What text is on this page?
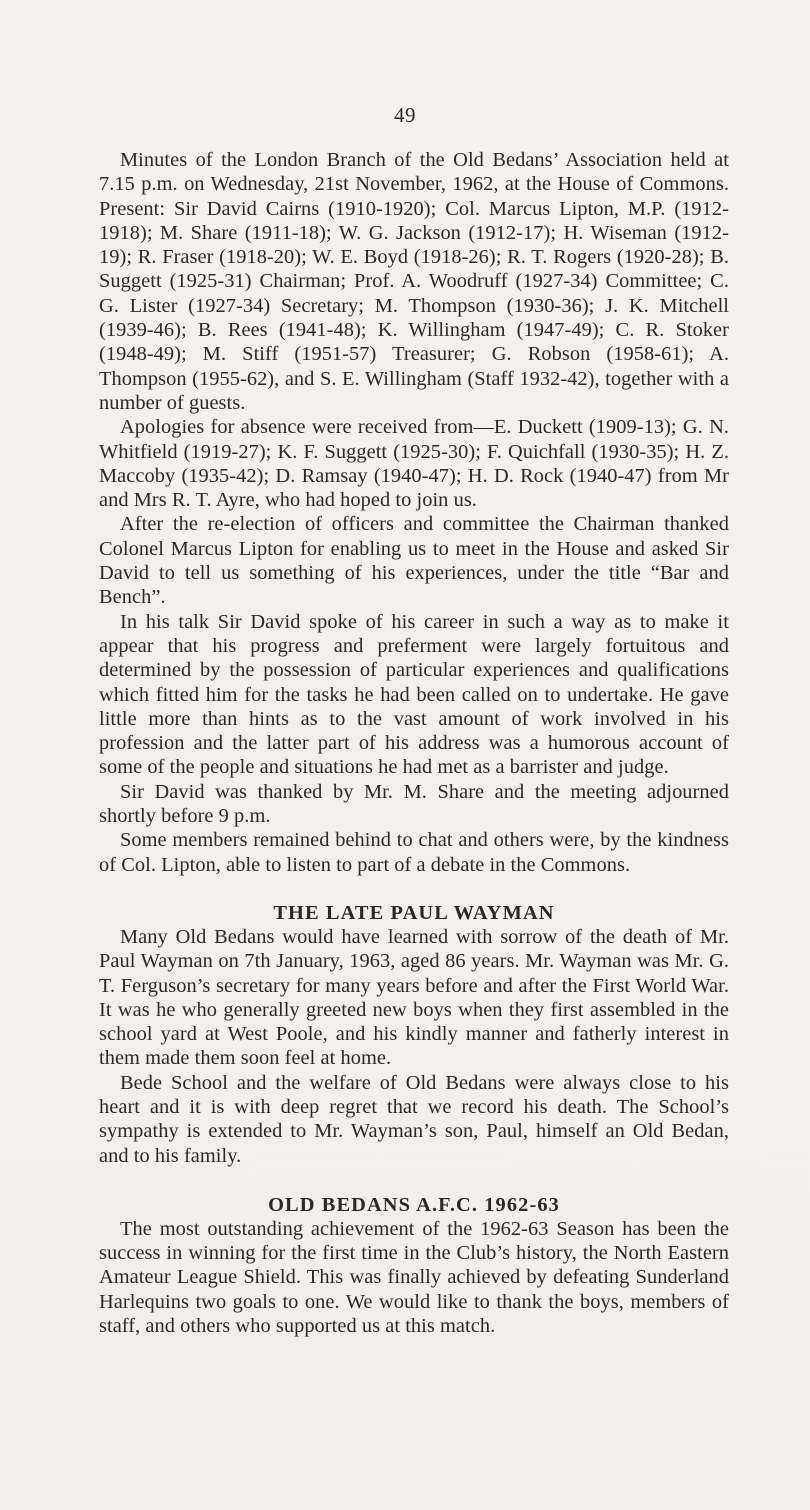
49

Minutes of the London Branch of the Old Bedans’ Association held at 7.15 p.m. on Wednesday, 21st November, 1962, at the House of Commons. Present: Sir David Cairns (1910-1920); Col. Marcus Lipton, M.P. (1912-1918); M. Share (1911-18); W. G. Jackson (1912-17); H. Wiseman (1912-19); R. Fraser (1918-20); W. E. Boyd (1918-26); R. T. Rogers (1920-28); B. Suggett (1925-31) Chairman; Prof. A. Woodruff (1927-34) Committee; C. G. Lister (1927-34) Secretary; M. Thompson (1930-36); J. K. Mitchell (1939-46); B. Rees (1941-48); K. Willingham (1947-49); C. R. Stoker (1948-49); M. Stiff (1951-57) Treasurer; G. Robson (1958-61); A. Thompson (1955-62), and S. E. Willingham (Staff 1932-42), together with a number of guests.

Apologies for absence were received from—E. Duckett (1909-13); G. N. Whitfield (1919-27); K. F. Suggett (1925-30); F. Quichfall (1930-35); H. Z. Maccoby (1935-42); D. Ramsay (1940-47); H. D. Rock (1940-47) from Mr and Mrs R. T. Ayre, who had hoped to join us.

After the re-election of officers and committee the Chairman thanked Colonel Marcus Lipton for enabling us to meet in the House and asked Sir David to tell us something of his experiences, under the title “Bar and Bench”.

In his talk Sir David spoke of his career in such a way as to make it appear that his progress and preferment were largely fortuitous and determined by the possession of particular experiences and qualifications which fitted him for the tasks he had been called on to undertake. He gave little more than hints as to the vast amount of work involved in his profession and the latter part of his address was a humorous account of some of the people and situations he had met as a barrister and judge.

Sir David was thanked by Mr. M. Share and the meeting adjourned shortly before 9 p.m.

Some members remained behind to chat and others were, by the kindness of Col. Lipton, able to listen to part of a debate in the Commons.

THE LATE PAUL WAYMAN

Many Old Bedans would have learned with sorrow of the death of Mr. Paul Wayman on 7th January, 1963, aged 86 years. Mr. Wayman was Mr. G. T. Ferguson’s secretary for many years before and after the First World War. It was he who generally greeted new boys when they first assembled in the school yard at West Poole, and his kindly manner and fatherly interest in them made them soon feel at home.

Bede School and the welfare of Old Bedans were always close to his heart and it is with deep regret that we record his death. The School’s sympathy is extended to Mr. Wayman’s son, Paul, himself an Old Bedan, and to his family.

OLD BEDANS A.F.C. 1962-63

The most outstanding achievement of the 1962-63 Season has been the success in winning for the first time in the Club’s history, the North Eastern Amateur League Shield. This was finally achieved by defeating Sunderland Harlequins two goals to one. We would like to thank the boys, members of staff, and others who supported us at this match.
